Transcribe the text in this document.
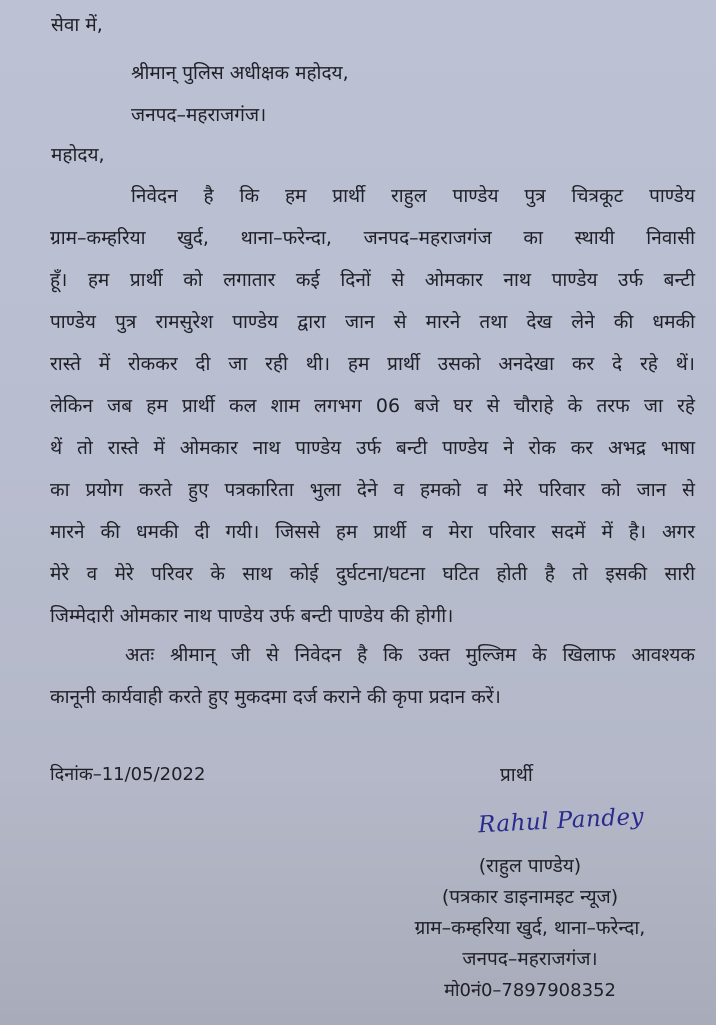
सेवा में,
श्रीमान् पुलिस अधीक्षक महोदय,
जनपद–महराजगंज।
महोदय,
निवेदन है कि हम प्रार्थी राहुल पाण्डेय पुत्र चित्रकूट पाण्डेय
ग्राम–कम्हरिया खुर्द, थाना–फरेन्दा, जनपद–महराजगंज का स्थायी निवासी
हूँ। हम प्रार्थी को लगातार कई दिनों से ओमकार नाथ पाण्डेय उर्फ बन्टी
पाण्डेय पुत्र रामसुरेश पाण्डेय द्वारा जान से मारने तथा देख लेने की धमकी
रास्ते में रोककर दी जा रही थी। हम प्रार्थी उसको अनदेखा कर दे रहे थें।
लेकिन जब हम प्रार्थी कल शाम लगभग 06 बजे घर से चौराहे के तरफ जा रहे
थें तो रास्ते में ओमकार नाथ पाण्डेय उर्फ बन्टी पाण्डेय ने रोक कर अभद्र भाषा
का प्रयोग करते हुए पत्रकारिता भुला देने व हमको व मेरे परिवार को जान से
मारने की धमकी दी गयी। जिससे हम प्रार्थी व मेरा परिवार सदमें में है। अगर
मेरे व मेरे परिवर के साथ कोई दुर्घटना/घटना घटित होती है तो इसकी सारी
जिम्मेदारी ओमकार नाथ पाण्डेय उर्फ बन्टी पाण्डेय की होगी।
अतः श्रीमान् जी से निवेदन है कि उक्त मुल्जिम के खिलाफ आवश्यक
कानूनी कार्यवाही करते हुए मुकदमा दर्ज कराने की कृपा प्रदान करें।
दिनांक–11/05/2022	प्रार्थी
Rahul Pandey
(राहुल पाण्डेय)
(पत्रकार डाइनामइट न्यूज)
ग्राम–कम्हरिया खुर्द, थाना–फरेन्दा,
जनपद–महराजगंज।
मो0नं0–7897908352
